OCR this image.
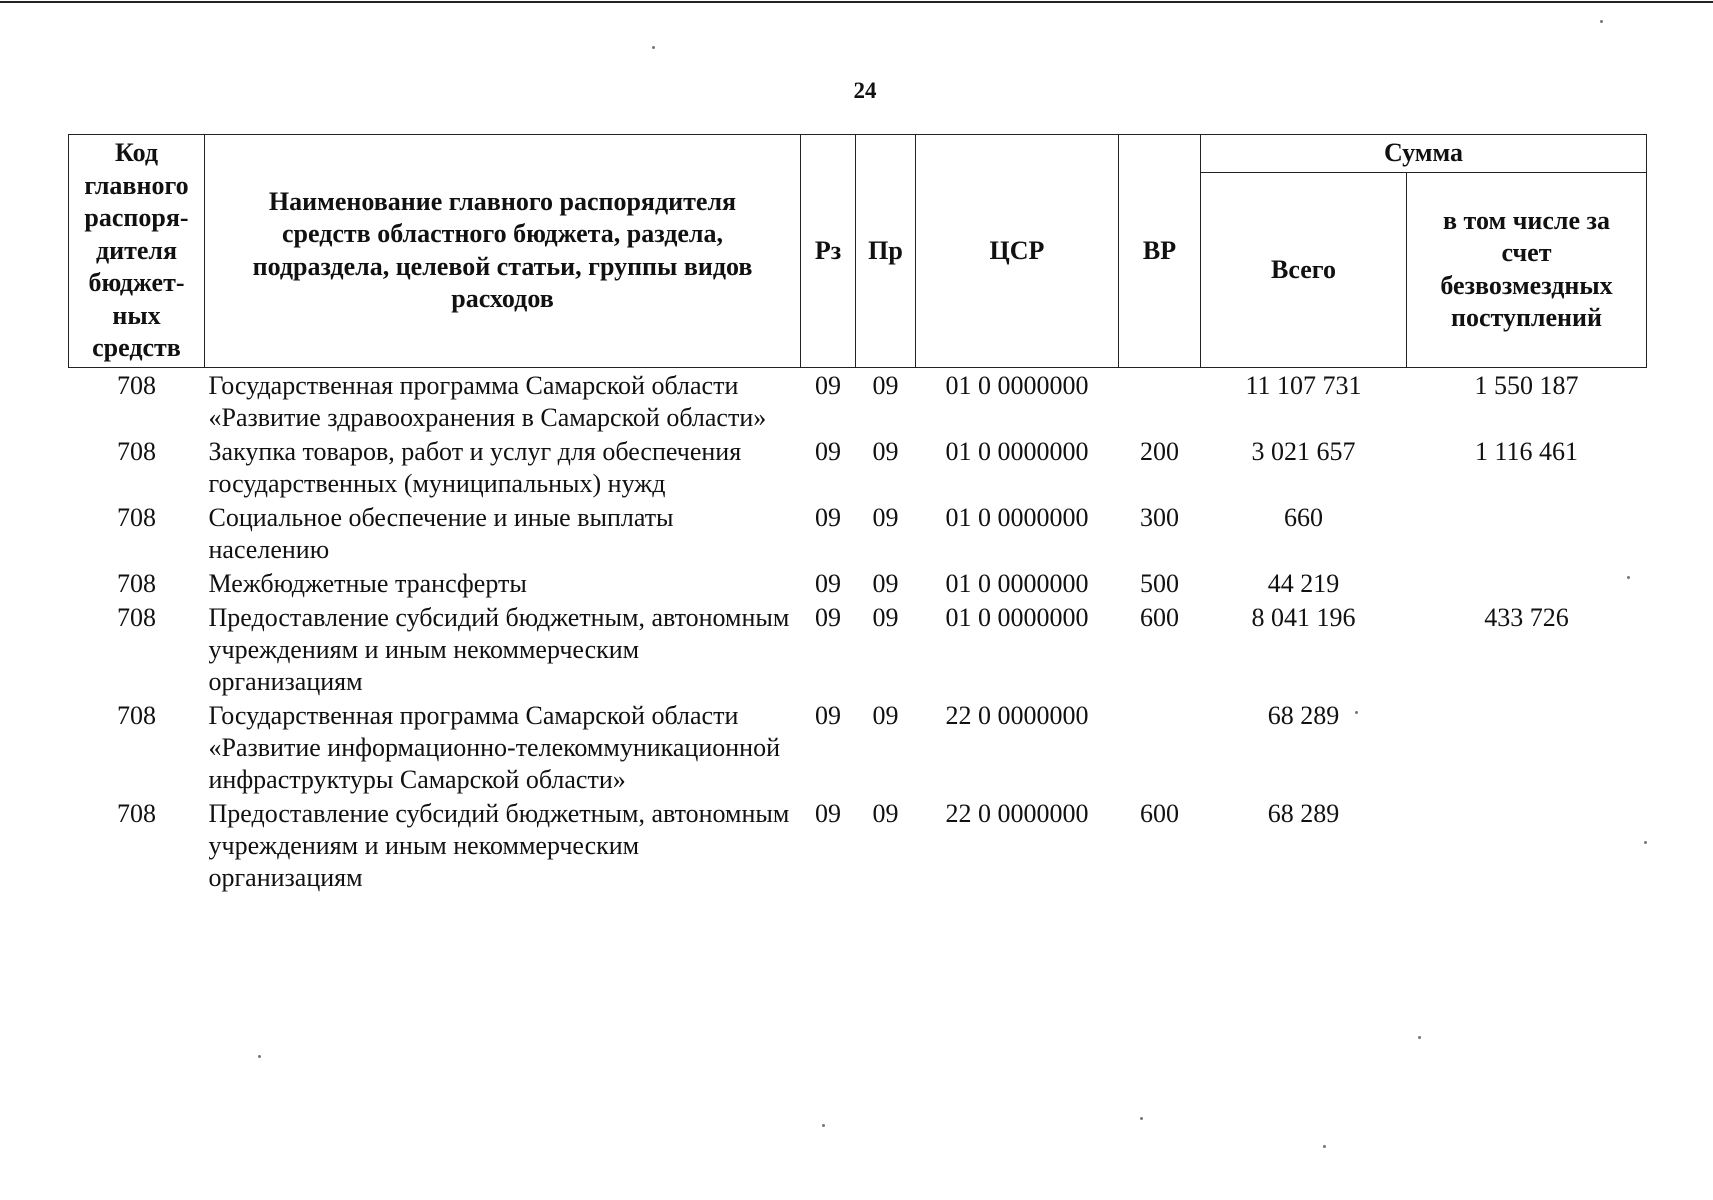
24
Код главного распоря-дителя бюджет-ных средств	Наименование главного распорядителя средств областного бюджета, раздела, подраздела, целевой статьи, группы видов расходов	Рз	Пр	ЦСР	ВР	Сумма	
						Всего	в том числе за счет безвозмездных поступлений
708	Государственная программа Самарской области «Развитие здравоохранения в Самарской области»	09	09	01 0 0000000		11 107 731	1 550 187
708	Закупка товаров, работ и услуг для обеспечения государственных (муниципальных) нужд	09	09	01 0 0000000	200	3 021 657	1 116 461
708	Социальное обеспечение и иные выплаты населению	09	09	01 0 0000000	300	660	
708	Межбюджетные трансферты	09	09	01 0 0000000	500	44 219	
708	Предоставление субсидий бюджетным, автономным учреждениям и иным некоммерческим организациям	09	09	01 0 0000000	600	8 041 196	433 726
708	Государственная программа Самарской области «Развитие информационно-телекоммуникационной инфраструктуры Самарской области»	09	09	22 0 0000000		68 289	
708	Предоставление субсидий бюджетным, автономным учреждениям и иным некоммерческим организациям	09	09	22 0 0000000	600	68 289	
